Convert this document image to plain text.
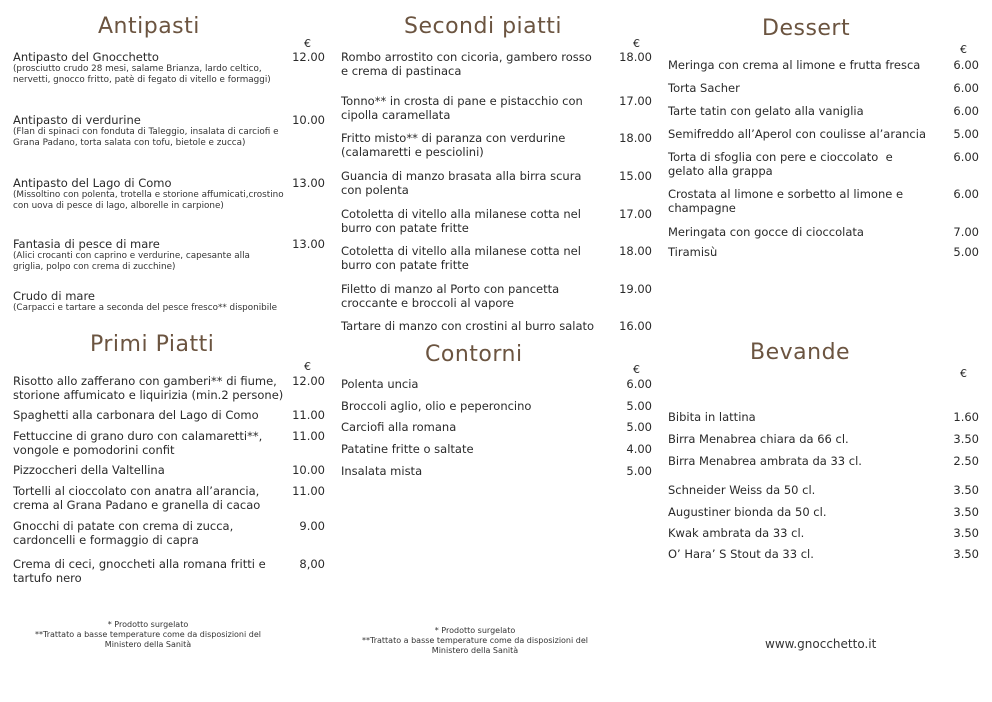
Antipasti
€
Antipasto del Gnocchetto
(prosciutto crudo 28 mesi, salame Brianza, lardo celtico, nervetti, gnocco fritto, patè di fegato di vitello e formaggi)
12.00
Antipasto di verdurine
(Flan di spinaci con fonduta di Taleggio, insalata di carciofi e Grana Padano, torta salata con tofu, bietole e zucca)
10.00
Antipasto del Lago di Como
(Missoltino con polenta, trotella e storione affumicati,crostino con uova di pesce di lago, alborelle in carpione)
13.00
Fantasia di pesce di mare
(Alici crocanti con caprino e verdurine, capesante alla griglia, polpo con crema di zucchine)
13.00
Crudo di mare
(Carpacci e tartare a seconda del pesce fresco** disponibile
Primi Piatti
€
Risotto allo zafferano con gamberi** di fiume, storione affumicato e liquirizia (min.2 persone)
12.00
Spaghetti alla carbonara del Lago di Como	11.00
Fettuccine di grano duro con calamaretti**, vongole e pomodorini confit
11.00
Pizzoccheri della Valtellina	10.00
Tortelli al cioccolato con anatra all’arancia, crema al Grana Padano e granella di cacao
11.00
Gnocchi di patate con crema di zucca, cardoncelli e formaggio di capra
9.00
Crema di ceci, gnoccheti alla romana fritti e tartufo nero
8,00
* Prodotto surgelato
**Trattato a basse temperature come da disposizioni del
Ministero della Sanità
Secondi piatti
€
Rombo arrostito con cicoria, gambero rosso  e crema di pastinaca
18.00
Tonno** in crosta di pane e pistacchio con cipolla caramellata
17.00
Fritto misto** di paranza con verdurine (calamaretti e pesciolini)
18.00
Guancia di manzo brasata alla birra scura con polenta
15.00
Cotoletta di vitello alla milanese cotta nel burro con patate fritte
17.00
Cotoletta di vitello alla milanese cotta nel burro con patate fritte
18.00
Filetto di manzo al Porto con pancetta croccante e broccoli al vapore
19.00
Tartare di manzo con crostini al burro salato	16.00
Contorni
€
Polenta uncia	6.00
Broccoli aglio, olio e peperoncino	5.00
Carciofi alla romana	5.00
Patatine fritte o saltate	4.00
Insalata mista	5.00
* Prodotto surgelato
**Trattato a basse temperature come da disposizioni del
Ministero della Sanità
Dessert
€
Meringa con crema al limone e frutta fresca	6.00
Torta Sacher	6.00
Tarte tatin con gelato alla vaniglia	6.00
Semifreddo all’Aperol con coulisse al’arancia	5.00
Torta di sfoglia con pere e cioccolato  e gelato alla grappa
6.00
Crostata al limone e sorbetto al limone e champagne
6.00
Meringata con gocce di cioccolata	7.00
Tiramisù	5.00
Bevande
€
Bibita in lattina	1.60
Birra Menabrea chiara da 66 cl.	3.50
Birra Menabrea ambrata da 33 cl.	2.50
Schneider Weiss da 50 cl.	3.50
Augustiner bionda da 50 cl.	3.50
Kwak ambrata da 33 cl.	3.50
O’ Hara’ S Stout da 33 cl.	3.50
www.gnocchetto.it
